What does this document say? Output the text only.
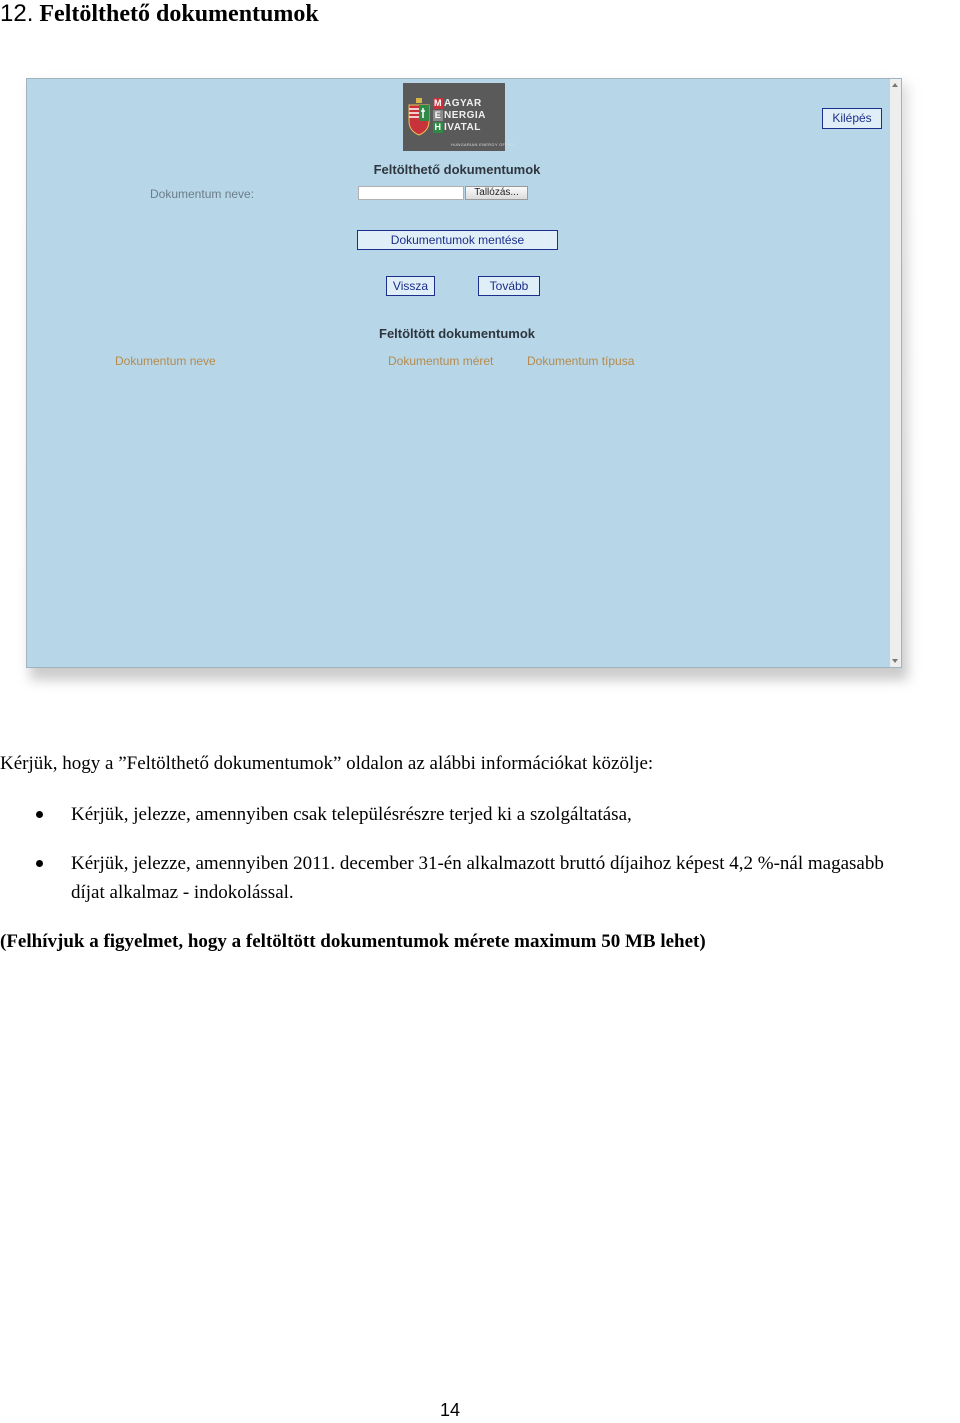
12. Feltölthető dokumentumok
M AGYAR
E NERGIA
H IVATAL
HUNGARIAN ENERGY OFFICE
Kilépés
Feltölthető dokumentumok
Dokumentum neve:	Tallózás...
Dokumentumok mentése
Vissza	Tovább
Feltöltött dokumentumok
Dokumentum neve	Dokumentum méret	Dokumentum típusa
Kérjük, hogy a ”Feltölthető dokumentumok” oldalon az alábbi információkat közölje:
Kérjük, jelezze, amennyiben csak településrészre terjed ki a szolgáltatása,
Kérjük, jelezze, amennyiben 2011. december 31-én alkalmazott bruttó díjaihoz képest 4,2 %-nál magasabb díjat alkalmaz - indokolással.
(Felhívjuk a figyelmet, hogy a feltöltött dokumentumok mérete maximum 50 MB lehet)
14
